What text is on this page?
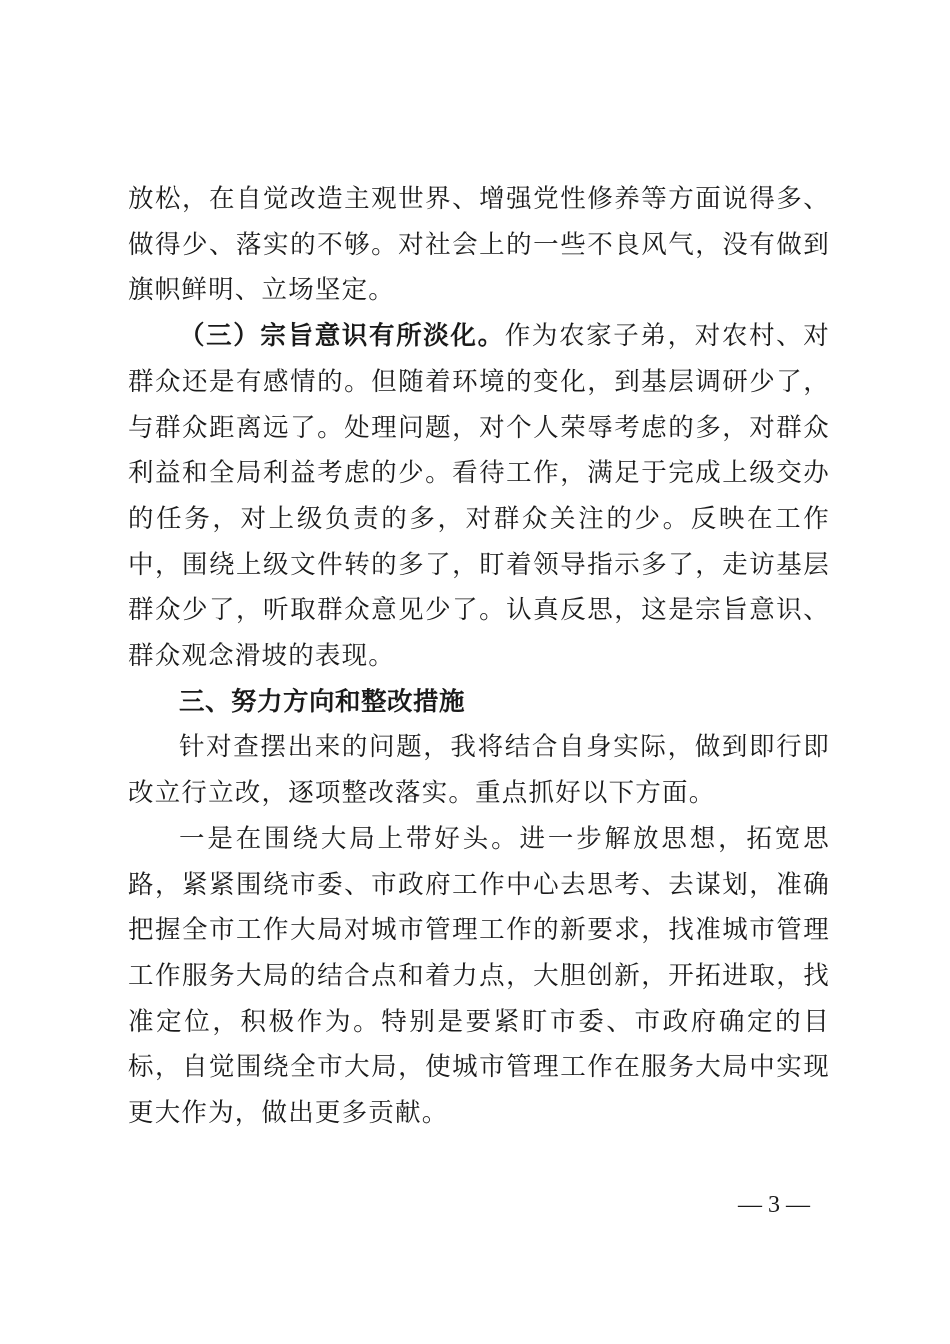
放松，在自觉改造主观世界、增强党性修养等方面说得多、做得少、落实的不够。对社会上的一些不良风气，没有做到旗帜鲜明、立场坚定。

（三）宗旨意识有所淡化。作为农家子弟，对农村、对群众还是有感情的。但随着环境的变化，到基层调研少了，与群众距离远了。处理问题，对个人荣辱考虑的多，对群众利益和全局利益考虑的少。看待工作，满足于完成上级交办的任务，对上级负责的多，对群众关注的少。反映在工作中，围绕上级文件转的多了，盯着领导指示多了，走访基层群众少了，听取群众意见少了。认真反思，这是宗旨意识、群众观念滑坡的表现。

三、努力方向和整改措施

针对查摆出来的问题，我将结合自身实际，做到即行即改立行立改，逐项整改落实。重点抓好以下方面。

一是在围绕大局上带好头。进一步解放思想，拓宽思路，紧紧围绕市委、市政府工作中心去思考、去谋划，准确把握全市工作大局对城市管理工作的新要求，找准城市管理工作服务大局的结合点和着力点，大胆创新，开拓进取，找准定位，积极作为。特别是要紧盯市委、市政府确定的目标，自觉围绕全市大局，使城市管理工作在服务大局中实现更大作为，做出更多贡献。

— 3 —
